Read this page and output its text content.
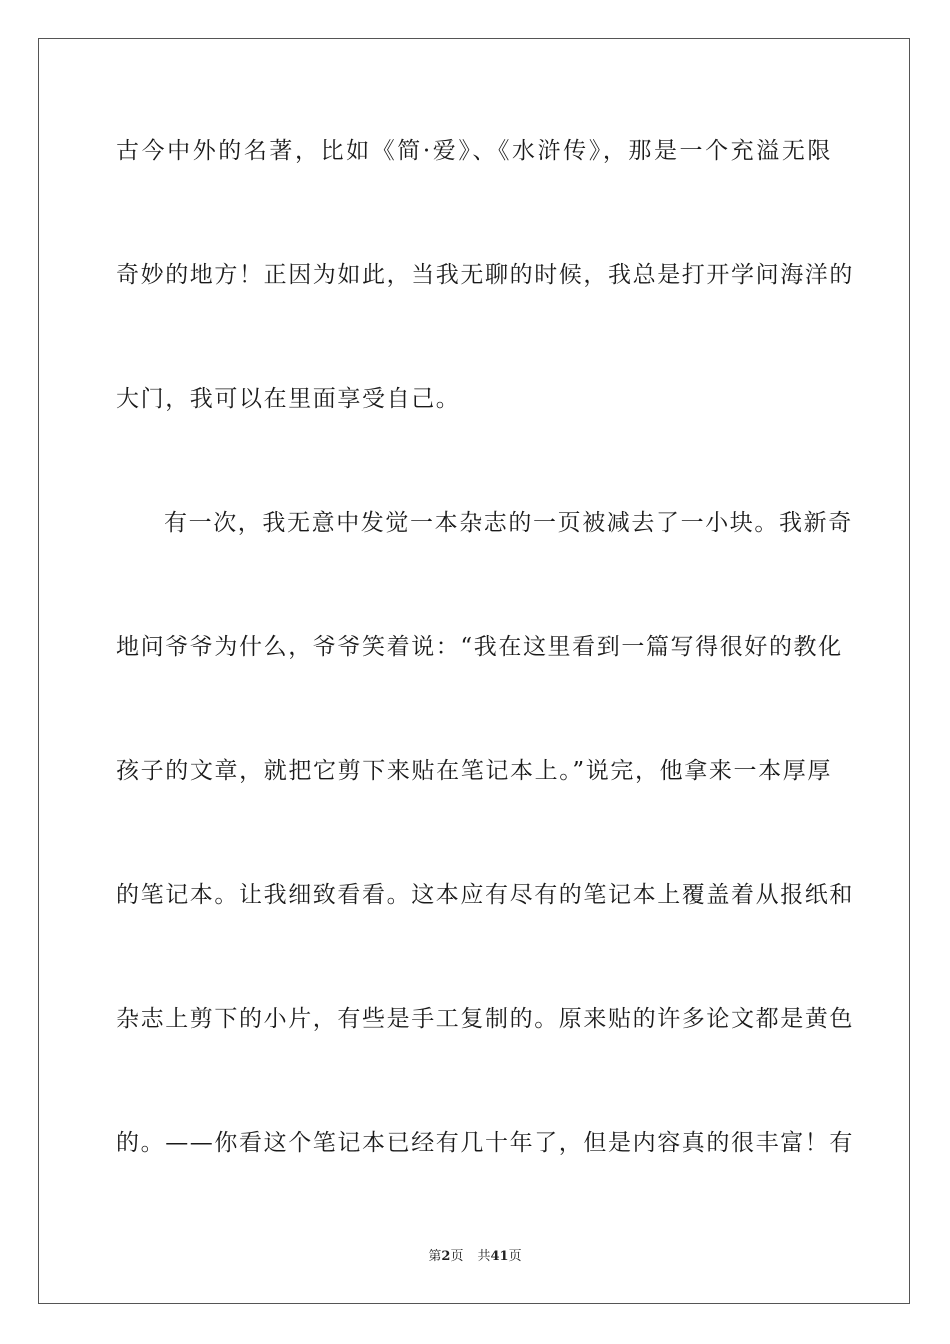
古今中外的名著，比如《简·爱》、《水浒传》，那是一个充溢无限
奇妙的地方！正因为如此，当我无聊的时候，我总是打开学问海洋的
大门，我可以在里面享受自己。
有一次，我无意中发觉一本杂志的一页被减去了一小块。我新奇
地问爷爷为什么，爷爷笑着说：“我在这里看到一篇写得很好的教化
孩子的文章，就把它剪下来贴在笔记本上。”说完，他拿来一本厚厚
的笔记本。让我细致看看。这本应有尽有的笔记本上覆盖着从报纸和
杂志上剪下的小片，有些是手工复制的。原来贴的许多论文都是黄色
的。——你看这个笔记本已经有几十年了，但是内容真的很丰富！有
第2页 共41页
